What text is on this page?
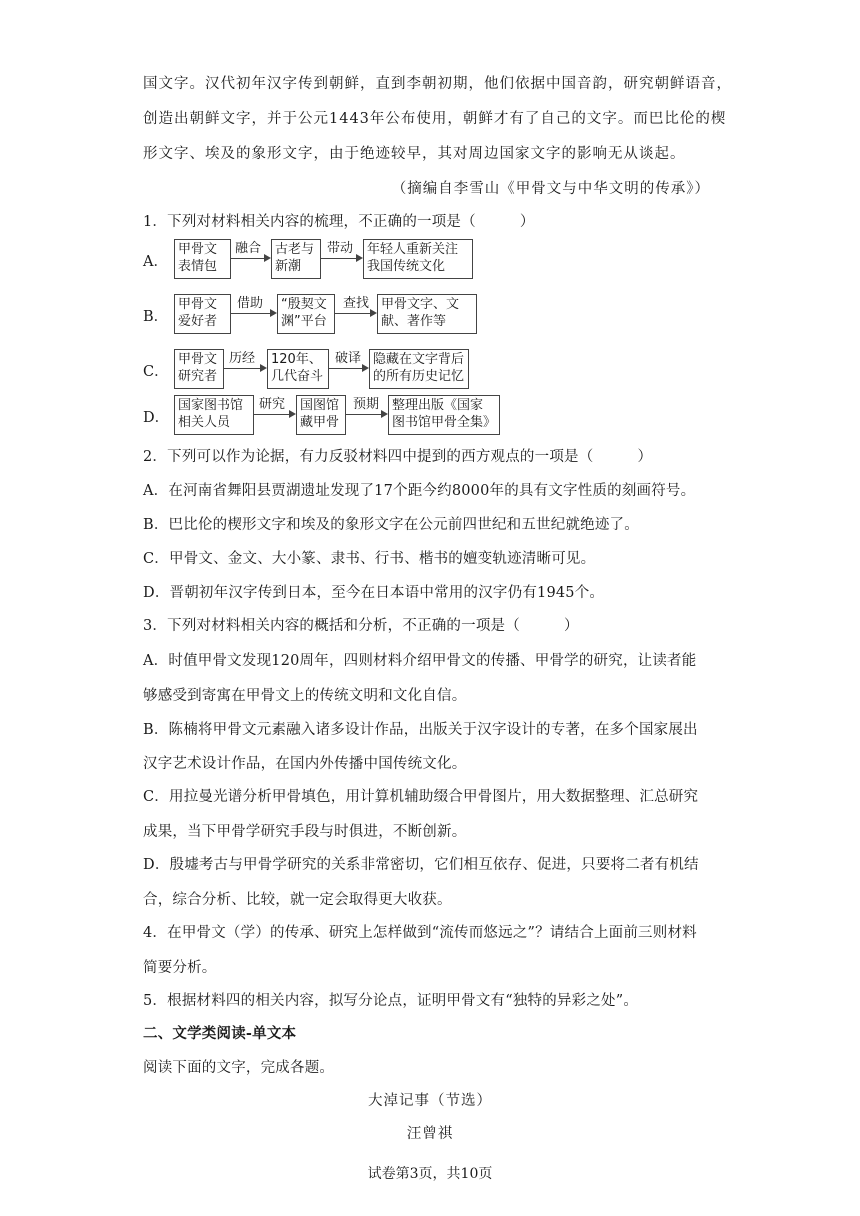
国文字。汉代初年汉字传到朝鲜，直到李朝初期，他们依据中国音韵，研究朝鲜语音，
创造出朝鲜文字，并于公元1443年公布使用，朝鲜才有了自己的文字。而巴比伦的楔
形文字、埃及的象形文字，由于绝迹较早，其对周边国家文字的影响无从谈起。
（摘编自李雪山《甲骨文与中华文明的传承》）
1．下列对材料相关内容的梳理，不正确的一项是（　　　）
A．
甲骨文
表情包
融合 古老与
新潮
带动 年轻人重新关注
我国传统文化
B．
甲骨文
爱好者
借助 “殷契文
渊”平台
查找 甲骨文字、文
献、著作等
C．
甲骨文
研究者
历经 120年、
几代奋斗
破译 隐藏在文字背后
的所有历史记忆
D．
国家图书馆
相关人员
研究 国图馆
藏甲骨
预期 整理出版《国家
图书馆甲骨全集》
2．下列可以作为论据，有力反驳材料四中提到的西方观点的一项是（　　　）
A．在河南省舞阳县贾湖遗址发现了17个距今约8000年的具有文字性质的刻画符号。
B．巴比伦的楔形文字和埃及的象形文字在公元前四世纪和五世纪就绝迹了。
C．甲骨文、金文、大小篆、隶书、行书、楷书的嬗变轨迹清晰可见。
D．晋朝初年汉字传到日本，至今在日本语中常用的汉字仍有1945个。
3．下列对材料相关内容的概括和分析，不正确的一项是（　　　）
A．时值甲骨文发现120周年，四则材料介绍甲骨文的传播、甲骨学的研究，让读者能
够感受到寄寓在甲骨文上的传统文明和文化自信。
B．陈楠将甲骨文元素融入诸多设计作品，出版关于汉字设计的专著，在多个国家展出
汉字艺术设计作品，在国内外传播中国传统文化。
C．用拉曼光谱分析甲骨填色，用计算机辅助缀合甲骨图片，用大数据整理、汇总研究
成果，当下甲骨学研究手段与时俱进，不断创新。
D．殷墟考古与甲骨学研究的关系非常密切，它们相互依存、促进，只要将二者有机结
合，综合分析、比较，就一定会取得更大收获。
4．在甲骨文（学）的传承、研究上怎样做到“流传而悠远之”？请结合上面前三则材料
简要分析。
5．根据材料四的相关内容，拟写分论点，证明甲骨文有“独特的异彩之处”。
二、文学类阅读-单文本
阅读下面的文字，完成各题。
大淖记事（节选）
汪曾祺
试卷第3页，共10页
